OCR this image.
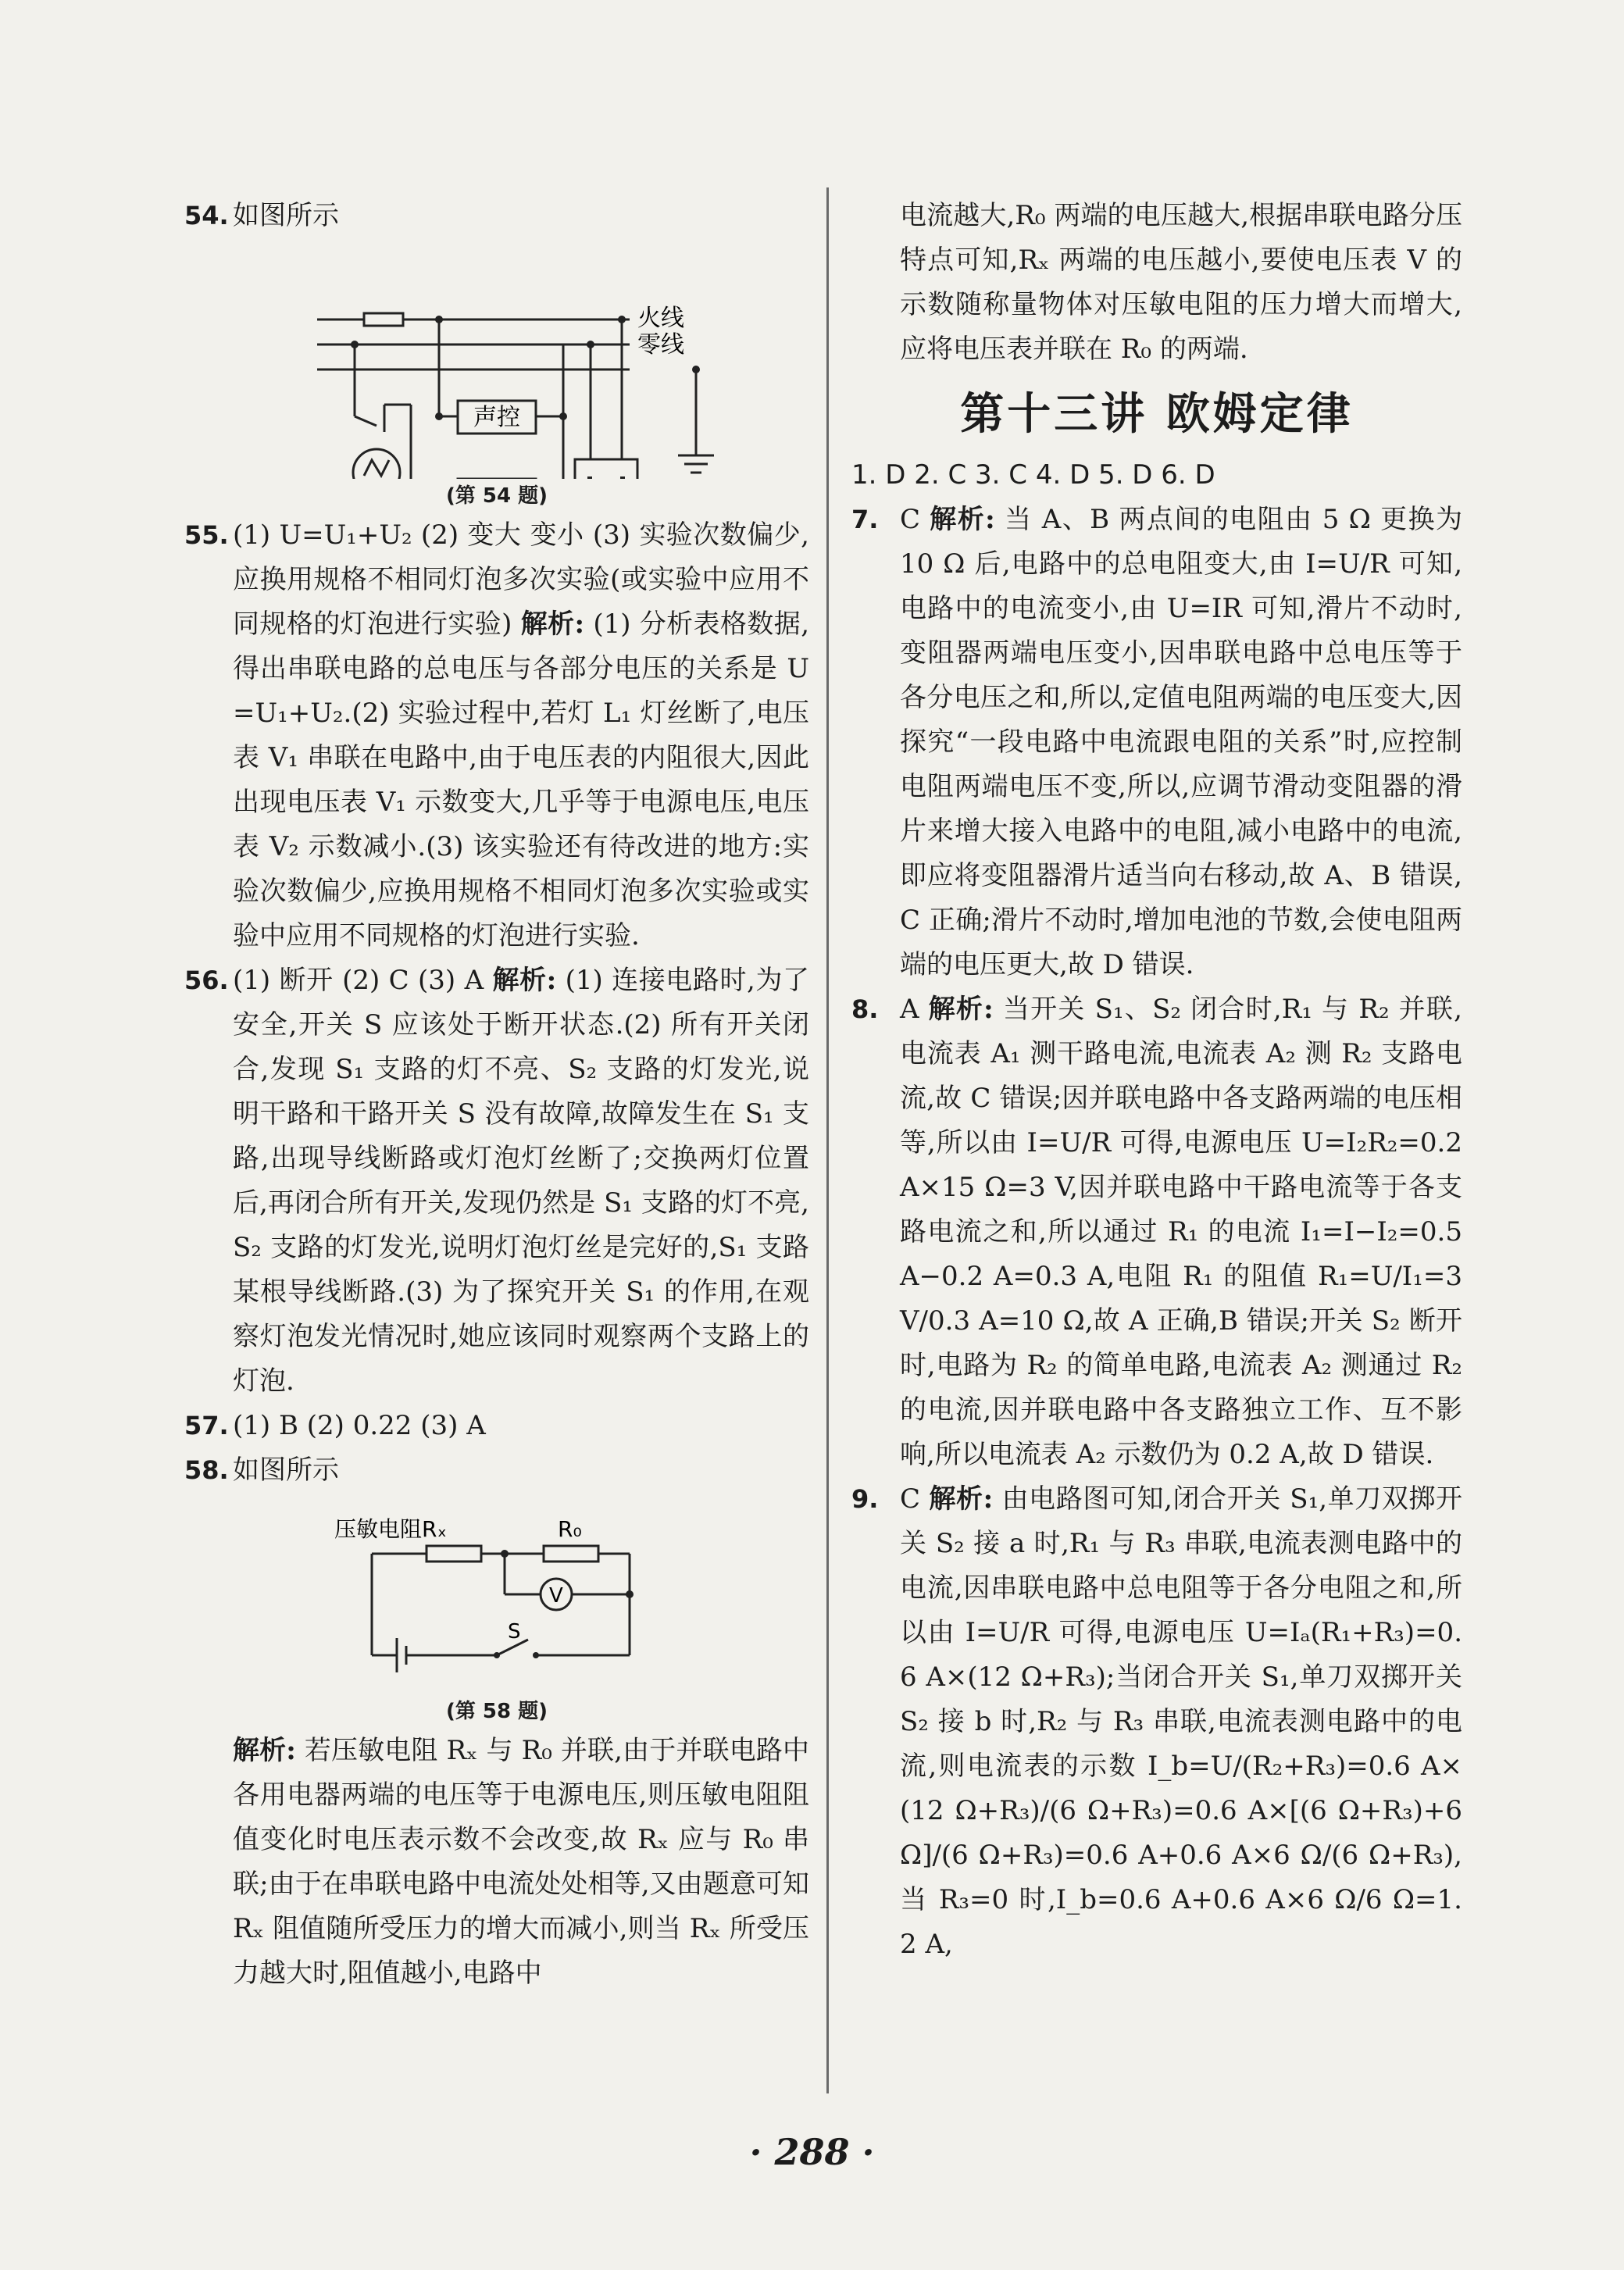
54. 如图所示
火线
零线
声控
(第 54 题)
55. (1) U=U₁+U₂ (2) 变大 变小 (3) 实验次数偏少,应换用规格不相同灯泡多次实验(或实验中应用不同规格的灯泡进行实验) 解析: (1) 分析表格数据,得出串联电路的总电压与各部分电压的关系是 U=U₁+U₂.(2) 实验过程中,若灯 L₁ 灯丝断了,电压表 V₁ 串联在电路中,由于电压表的内阻很大,因此出现电压表 V₁ 示数变大,几乎等于电源电压,电压表 V₂ 示数减小.(3) 该实验还有待改进的地方:实验次数偏少,应换用规格不相同灯泡多次实验或实验中应用不同规格的灯泡进行实验.
56. (1) 断开 (2) C (3) A 解析: (1) 连接电路时,为了安全,开关 S 应该处于断开状态.(2) 所有开关闭合,发现 S₁ 支路的灯不亮、S₂ 支路的灯发光,说明干路和干路开关 S 没有故障,故障发生在 S₁ 支路,出现导线断路或灯泡灯丝断了;交换两灯位置后,再闭合所有开关,发现仍然是 S₁ 支路的灯不亮,S₂ 支路的灯发光,说明灯泡灯丝是完好的,S₁ 支路某根导线断路.(3) 为了探究开关 S₁ 的作用,在观察灯泡发光情况时,她应该同时观察两个支路上的灯泡.
57. (1) B (2) 0.22 (3) A
58. 如图所示
压敏电阻Rₓ	R₀
V
S
(第 58 题)
解析: 若压敏电阻 Rₓ 与 R₀ 并联,由于并联电路中各用电器两端的电压等于电源电压,则压敏电阻阻值变化时电压表示数不会改变,故 Rₓ 应与 R₀ 串联;由于在串联电路中电流处处相等,又由题意可知 Rₓ 阻值随所受压力的增大而减小,则当 Rₓ 所受压力越大时,阻值越小,电路中
电流越大,R₀ 两端的电压越大,根据串联电路分压特点可知,Rₓ 两端的电压越小,要使电压表 V 的示数随称量物体对压敏电阻的压力增大而增大,应将电压表并联在 R₀ 的两端.
第十三讲 欧姆定律
1. D 2. C 3. C 4. D 5. D 6. D
7. C 解析: 当 A、B 两点间的电阻由 5 Ω 更换为 10 Ω 后,电路中的总电阻变大,由 I=U/R 可知,电路中的电流变小,由 U=IR 可知,滑片不动时,变阻器两端电压变小,因串联电路中总电压等于各分电压之和,所以,定值电阻两端的电压变大,因探究“一段电路中电流跟电阻的关系”时,应控制电阻两端电压不变,所以,应调节滑动变阻器的滑片来增大接入电路中的电阻,减小电路中的电流,即应将变阻器滑片适当向右移动,故 A、B 错误,C 正确;滑片不动时,增加电池的节数,会使电阻两端的电压更大,故 D 错误.
8. A 解析: 当开关 S₁、S₂ 闭合时,R₁ 与 R₂ 并联,电流表 A₁ 测干路电流,电流表 A₂ 测 R₂ 支路电流,故 C 错误;因并联电路中各支路两端的电压相等,所以由 I=U/R 可得,电源电压 U=I₂R₂=0.2 A×15 Ω=3 V,因并联电路中干路电流等于各支路电流之和,所以通过 R₁ 的电流 I₁=I−I₂=0.5 A−0.2 A=0.3 A,电阻 R₁ 的阻值 R₁=U/I₁=3 V/0.3 A=10 Ω,故 A 正确,B 错误;开关 S₂ 断开时,电路为 R₂ 的简单电路,电流表 A₂ 测通过 R₂ 的电流,因并联电路中各支路独立工作、互不影响,所以电流表 A₂ 示数仍为 0.2 A,故 D 错误.
9. C 解析: 由电路图可知,闭合开关 S₁,单刀双掷开关 S₂ 接 a 时,R₁ 与 R₃ 串联,电流表测电路中的电流,因串联电路中总电阻等于各分电阻之和,所以由 I=U/R 可得,电源电压 U=Iₐ(R₁+R₃)=0.6 A×(12 Ω+R₃);当闭合开关 S₁,单刀双掷开关 S₂ 接 b 时,R₂ 与 R₃ 串联,电流表测电路中的电流,则电流表的示数 I_b=U/(R₂+R₃)=0.6 A×(12 Ω+R₃)/(6 Ω+R₃)=0.6 A×[(6 Ω+R₃)+6 Ω]/(6 Ω+R₃)=0.6 A+0.6 A×6 Ω/(6 Ω+R₃),当 R₃=0 时,I_b=0.6 A+0.6 A×6 Ω/6 Ω=1.2 A,
· 288 ·
